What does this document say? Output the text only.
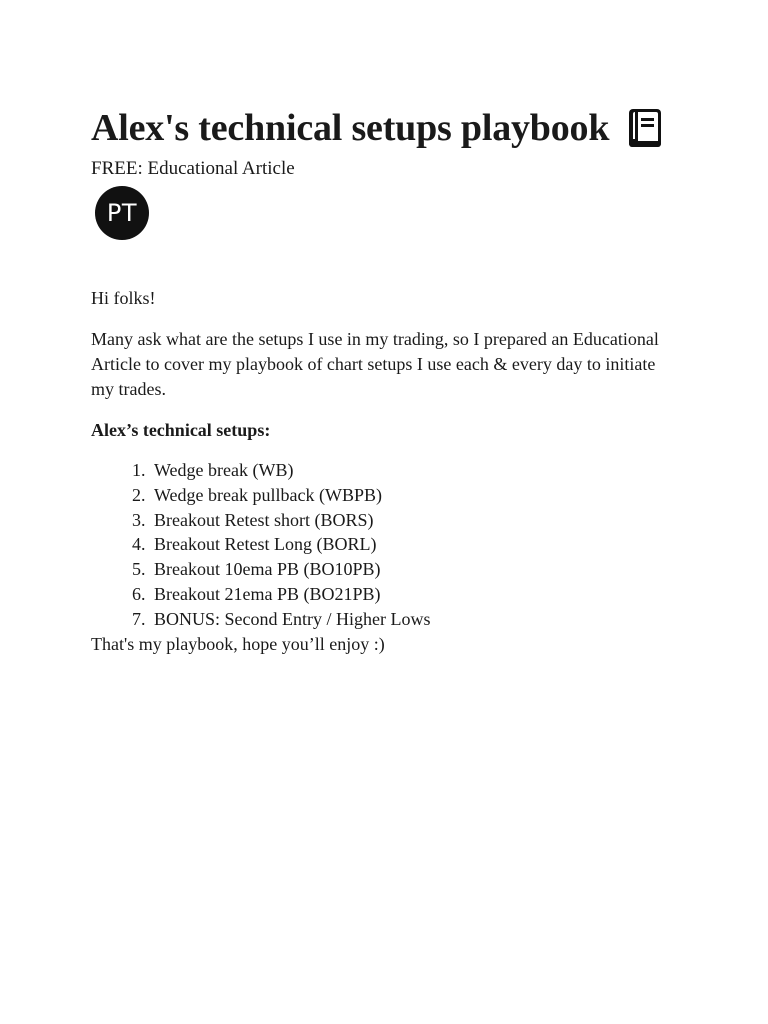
Alex's technical setups playbook
FREE: Educational Article
PT
Hi folks!
Many ask what are the setups I use in my trading, so I prepared an Educational Article to cover my playbook of chart setups I use each & every day to initiate my trades.
Alex’s technical setups:
1. Wedge break (WB)
2. Wedge break pullback (WBPB)
3. Breakout Retest short (BORS)
4. Breakout Retest Long (BORL)
5. Breakout 10ema PB (BO10PB)
6. Breakout 21ema PB (BO21PB)
7. BONUS: Second Entry / Higher Lows
That's my playbook, hope you’ll enjoy :)
